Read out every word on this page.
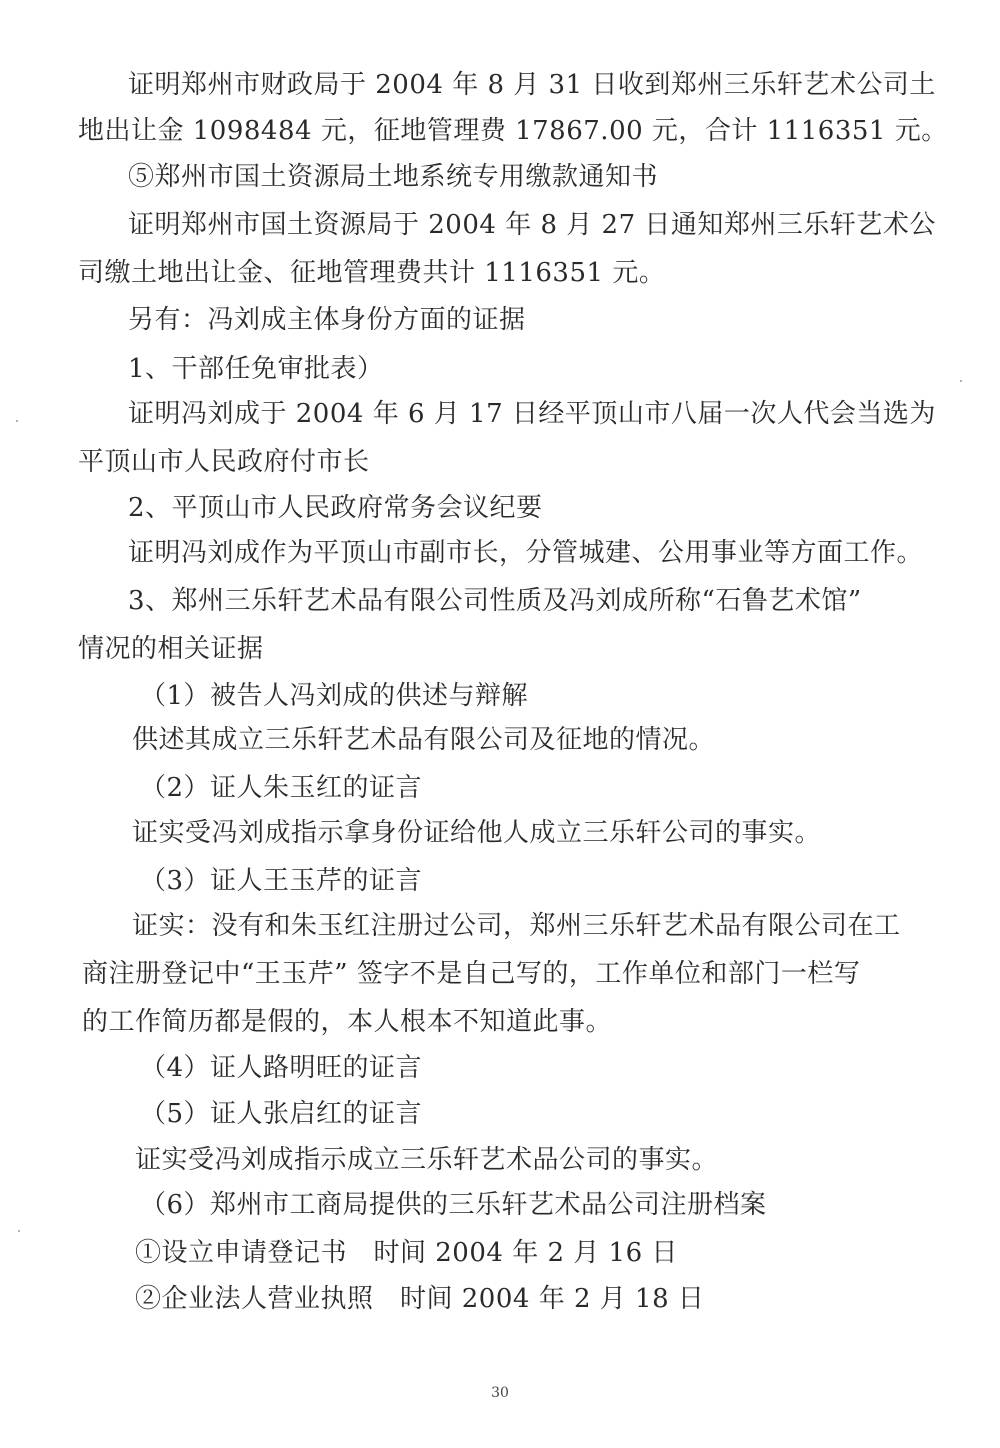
证明郑州市财政局于 2004 年 8 月 31 日收到郑州三乐轩艺术公司土
地出让金 1098484 元，征地管理费 17867.00 元，合计 1116351 元。
⑤郑州市国土资源局土地系统专用缴款通知书
证明郑州市国土资源局于 2004 年 8 月 27 日通知郑州三乐轩艺术公
司缴土地出让金、征地管理费共计 1116351 元。
另有：冯刘成主体身份方面的证据
1、干部任免审批表）
证明冯刘成于 2004 年 6 月 17 日经平顶山市八届一次人代会当选为
平顶山市人民政府付市长
2、平顶山市人民政府常务会议纪要
证明冯刘成作为平顶山市副市长，分管城建、公用事业等方面工作。
3、郑州三乐轩艺术品有限公司性质及冯刘成所称“石鲁艺术馆”
情况的相关证据
（1）被告人冯刘成的供述与辩解
供述其成立三乐轩艺术品有限公司及征地的情况。
（2）证人朱玉红的证言
证实受冯刘成指示拿身份证给他人成立三乐轩公司的事实。
（3）证人王玉芹的证言
证实：没有和朱玉红注册过公司，郑州三乐轩艺术品有限公司在工
商注册登记中“王玉芹” 签字不是自己写的，工作单位和部门一栏写
的工作简历都是假的，本人根本不知道此事。
（4）证人路明旺的证言
（5）证人张启红的证言
证实受冯刘成指示成立三乐轩艺术品公司的事实。
（6）郑州市工商局提供的三乐轩艺术品公司注册档案
①设立申请登记书　时间 2004 年 2 月 16 日
②企业法人营业执照　时间 2004 年 2 月 18 日
30
